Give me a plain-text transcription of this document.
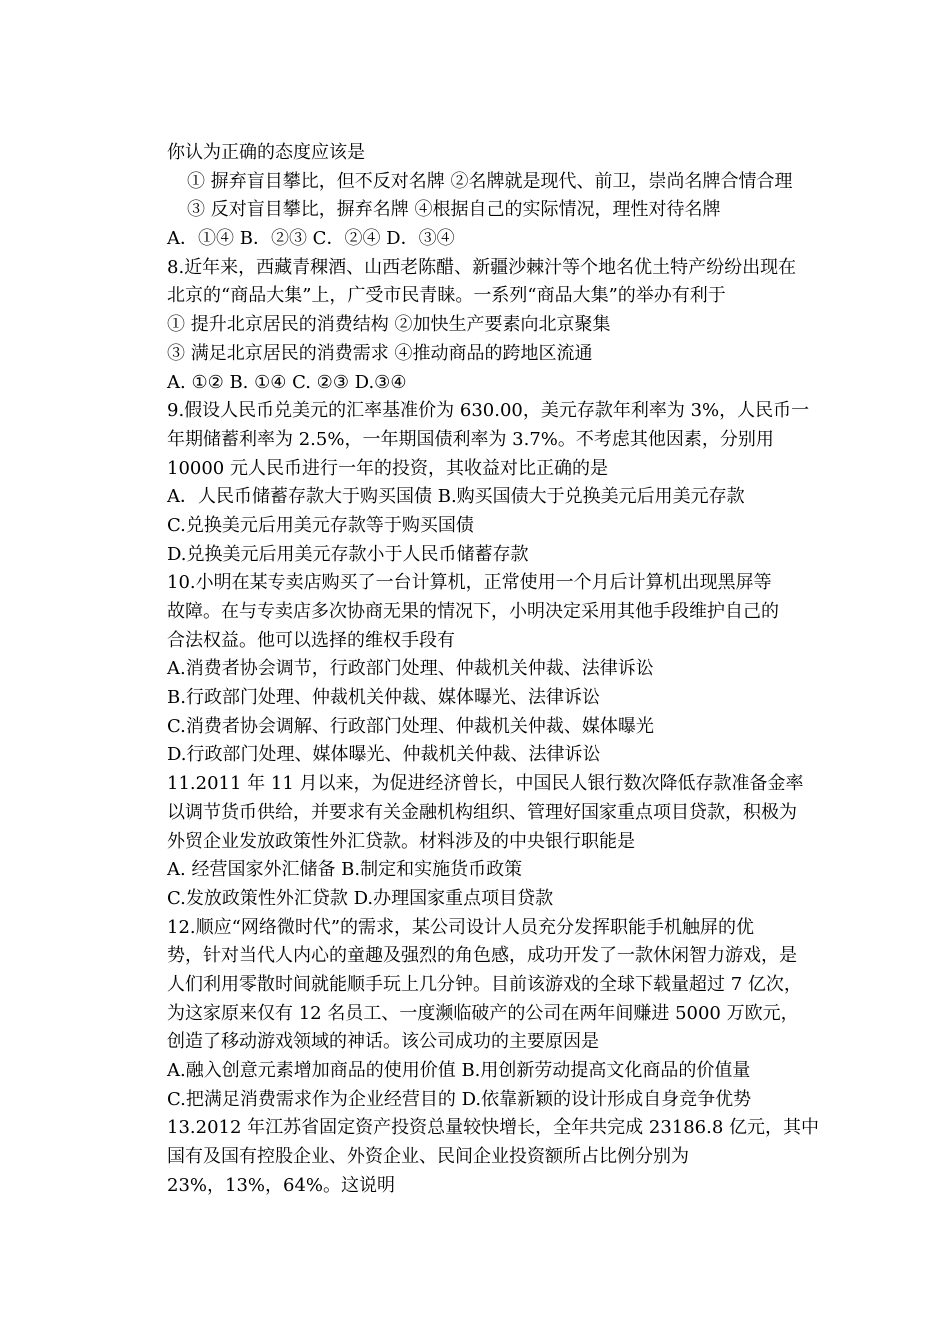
你认为正确的态度应该是
① 摒弃盲目攀比，但不反对名牌 ②名牌就是现代、前卫，崇尚名牌合情合理
③ 反对盲目攀比，摒弃名牌 ④根据自己的实际情况，理性对待名牌
A．①④ B．②③ C．②④ D．③④
8.近年来，西藏青稞酒、山西老陈醋、新疆沙棘汁等个地名优土特产纷纷出现在
北京的“商品大集”上，广受市民青睐。一系列“商品大集”的举办有利于
① 提升北京居民的消费结构 ②加快生产要素向北京聚集
③ 满足北京居民的消费需求 ④推动商品的跨地区流通
A. ①② B. ①④ C. ②③ D.③④
9.假设人民币兑美元的汇率基准价为 630.00，美元存款年利率为 3%，人民币一
年期储蓄利率为 2.5%，一年期国债利率为 3.7%。不考虑其他因素，分别用
10000 元人民币进行一年的投资，其收益对比正确的是
A．人民币储蓄存款大于购买国债 B.购买国债大于兑换美元后用美元存款
C.兑换美元后用美元存款等于购买国债
D.兑换美元后用美元存款小于人民币储蓄存款
10.小明在某专卖店购买了一台计算机，正常使用一个月后计算机出现黑屏等
故障。在与专卖店多次协商无果的情况下，小明决定采用其他手段维护自己的
合法权益。他可以选择的维权手段有
A.消费者协会调节，行政部门处理、仲裁机关仲裁、法律诉讼
B.行政部门处理、仲裁机关仲裁、媒体曝光、法律诉讼
C.消费者协会调解、行政部门处理、仲裁机关仲裁、媒体曝光
D.行政部门处理、媒体曝光、仲裁机关仲裁、法律诉讼
11.2011 年 11 月以来，为促进经济曾长，中国民人银行数次降低存款准备金率
以调节货币供给，并要求有关金融机构组织、管理好国家重点项目贷款，积极为
外贸企业发放政策性外汇贷款。材料涉及的中央银行职能是
A. 经营国家外汇储备 B.制定和实施货币政策
C.发放政策性外汇贷款 D.办理国家重点项目贷款
12.顺应“网络微时代”的需求，某公司设计人员充分发挥职能手机触屏的优
势，针对当代人内心的童趣及强烈的角色感，成功开发了一款休闲智力游戏，是
人们利用零散时间就能顺手玩上几分钟。目前该游戏的全球下载量超过 7 亿次，
为这家原来仅有 12 名员工、一度濒临破产的公司在两年间赚进 5000 万欧元，
创造了移动游戏领域的神话。该公司成功的主要原因是
A.融入创意元素增加商品的使用价值 B.用创新劳动提高文化商品的价值量
C.把满足消费需求作为企业经营目的 D.依靠新颖的设计形成自身竞争优势
13.2012 年江苏省固定资产投资总量较快增长，全年共完成 23186.8 亿元，其中
国有及国有控股企业、外资企业、民间企业投资额所占比例分别为
23%，13%，64%。这说明
